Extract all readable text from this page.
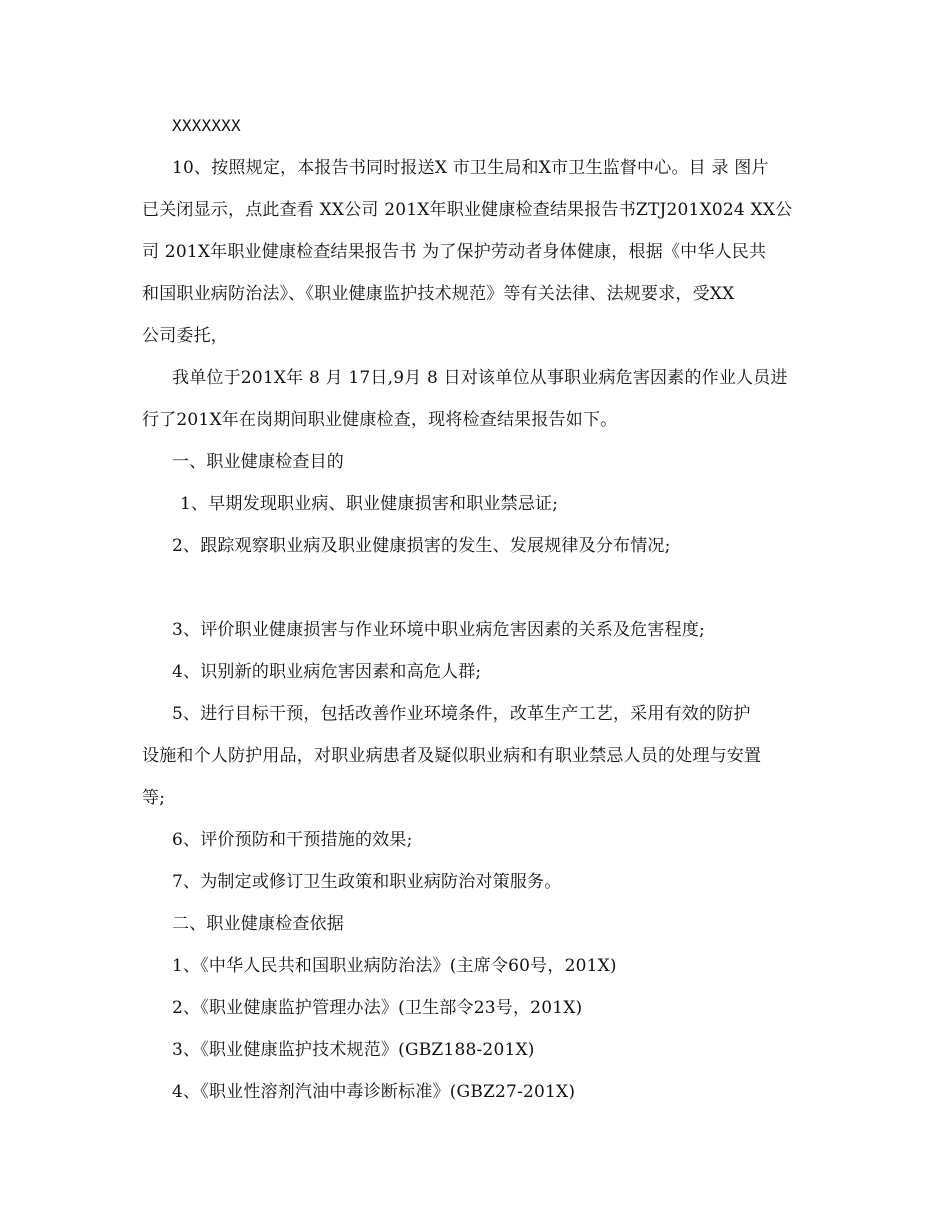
XXXXXXX
10、按照规定，本报告书同时报送X 市卫生局和X市卫生监督中心。目 录 图片
已关闭显示，点此查看 XX公司 201X年职业健康检查结果报告书ZTJ201X024 XX公
司 201X年职业健康检查结果报告书 为了保护劳动者身体健康，根据《中华人民共
和国职业病防治法》、《职业健康监护技术规范》等有关法律、法规要求，受XX
公司委托，
我单位于201X年 8 月 17日,9月 8 日对该单位从事职业病危害因素的作业人员进
行了201X年在岗期间职业健康检查，现将检查结果报告如下。
一、职业健康检查目的
1、早期发现职业病、职业健康损害和职业禁忌证;
2、跟踪观察职业病及职业健康损害的发生、发展规律及分布情况;
3、评价职业健康损害与作业环境中职业病危害因素的关系及危害程度;
4、识别新的职业病危害因素和高危人群;
5、进行目标干预，包括改善作业环境条件，改革生产工艺，采用有效的防护
设施和个人防护用品，对职业病患者及疑似职业病和有职业禁忌人员的处理与安置
等;
6、评价预防和干预措施的效果;
7、为制定或修订卫生政策和职业病防治对策服务。
二、职业健康检查依据
1、《中华人民共和国职业病防治法》(主席令60号，201X)
2、《职业健康监护管理办法》(卫生部令23号，201X)
3、《职业健康监护技术规范》(GBZ188-201X)
4、《职业性溶剂汽油中毒诊断标准》(GBZ27-201X)
